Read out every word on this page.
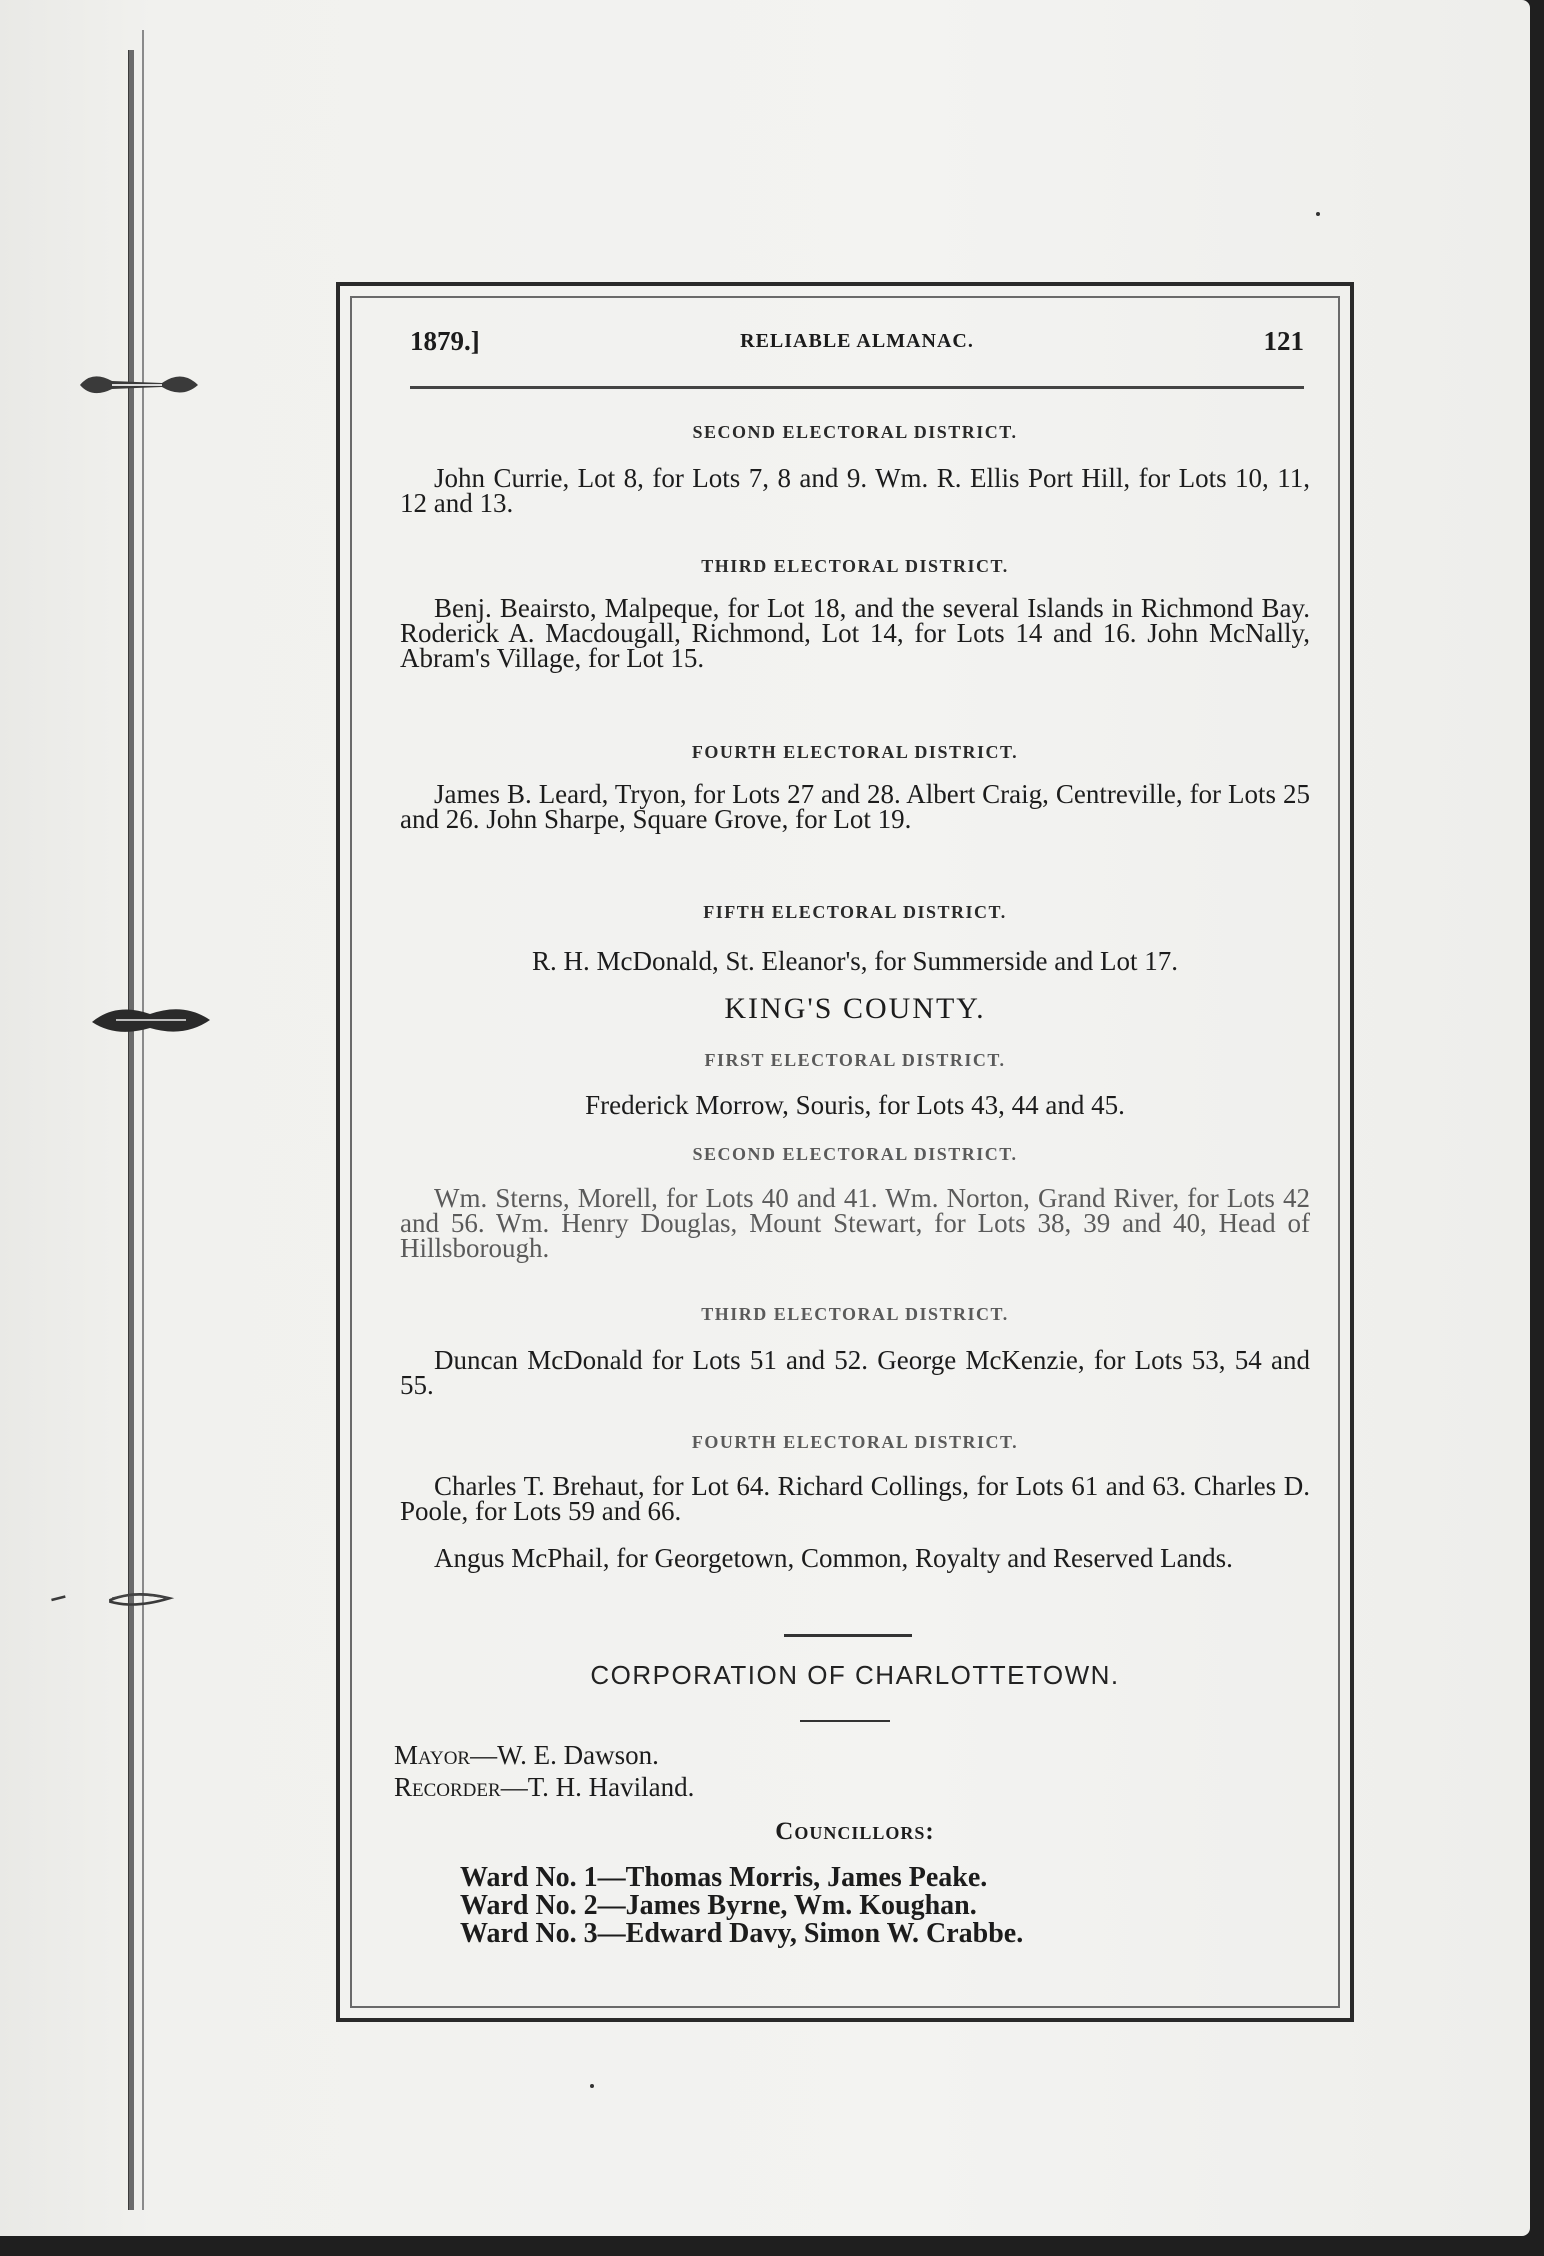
1879.]	RELIABLE ALMANAC.	121
SECOND ELECTORAL DISTRICT.
John Currie, Lot 8, for Lots 7, 8 and 9. Wm. R. Ellis Port Hill, for Lots 10, 11, 12 and 13.
THIRD ELECTORAL DISTRICT.
Benj. Beairsto, Malpeque, for Lot 18, and the several Islands in Richmond Bay. Roderick A. Macdougall, Richmond, Lot 14, for Lots 14 and 16. John McNally, Abram's Village, for Lot 15.
FOURTH ELECTORAL DISTRICT.
James B. Leard, Tryon, for Lots 27 and 28. Albert Craig, Centreville, for Lots 25 and 26. John Sharpe, Square Grove, for Lot 19.
FIFTH ELECTORAL DISTRICT.
R. H. McDonald, St. Eleanor's, for Summerside and Lot 17.
KING'S COUNTY.
FIRST ELECTORAL DISTRICT.
Frederick Morrow, Souris, for Lots 43, 44 and 45.
SECOND ELECTORAL DISTRICT.
Wm. Sterns, Morell, for Lots 40 and 41. Wm. Norton, Grand River, for Lots 42 and 56. Wm. Henry Douglas, Mount Stewart, for Lots 38, 39 and 40, Head of Hillsborough.
THIRD ELECTORAL DISTRICT.
Duncan McDonald for Lots 51 and 52. George McKenzie, for Lots 53, 54 and 55.
FOURTH ELECTORAL DISTRICT.
Charles T. Brehaut, for Lot 64. Richard Collings, for Lots 61 and 63. Charles D. Poole, for Lots 59 and 66.
Angus McPhail, for Georgetown, Common, Royalty and Reserved Lands.
CORPORATION OF CHARLOTTETOWN.
Mayor—W. E. Dawson.
Recorder—T. H. Haviland.
Councillors:
Ward No. 1—Thomas Morris, James Peake.
Ward No. 2—James Byrne, Wm. Koughan.
Ward No. 3—Edward Davy, Simon W. Crabbe.
